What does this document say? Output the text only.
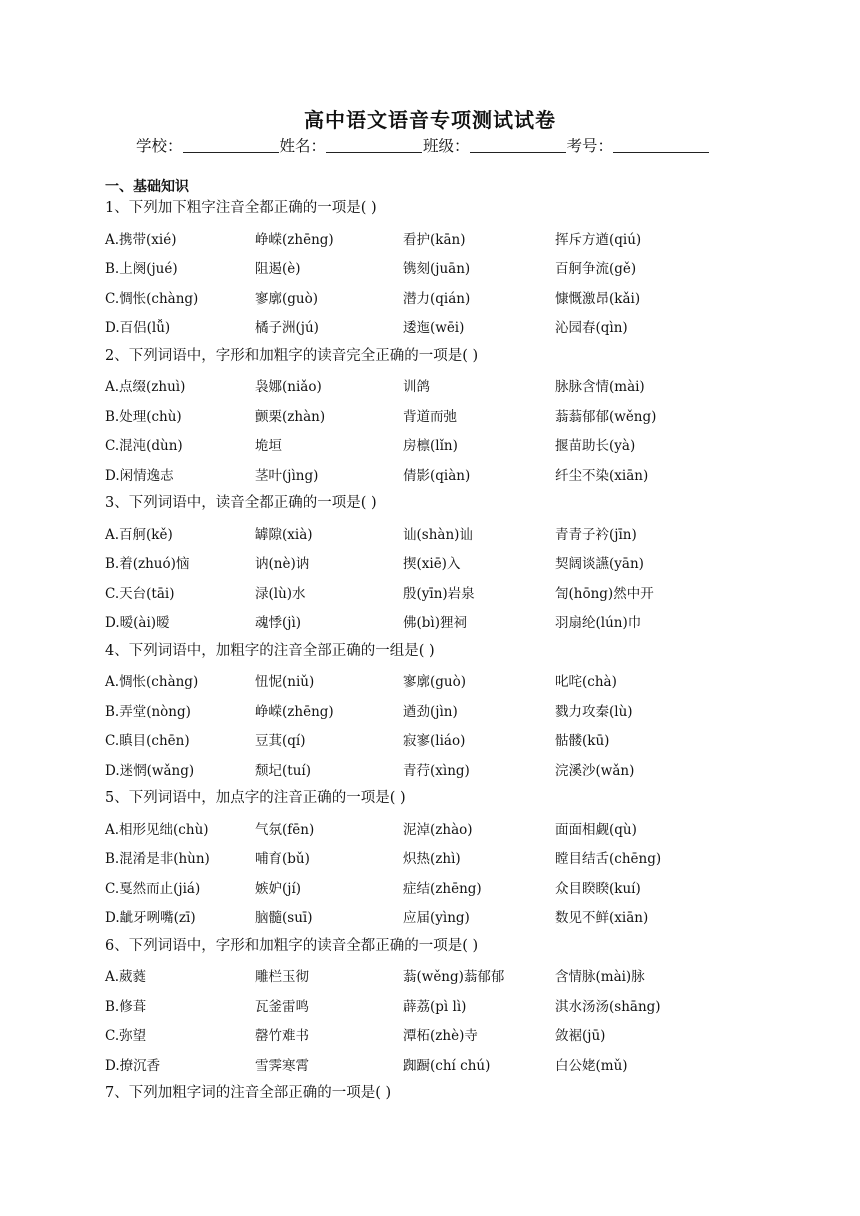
高中语文语音专项测试试卷
学校：	姓名：	班级：	考号：
一、基础知识
1、下列加下粗字注音全都正确的一项是( )
A.携带(xié)	峥嵘(zhēng)	看护(kān)	挥斥方遒(qiú)
B.上阕(jué)	阻遏(è)	镌刻(juān)	百舸争流(gě)
C.惆怅(chàng)	寥廓(guò)	潜力(qián)	慷慨激昂(kǎi)
D.百侣(lǚ)	橘子洲(jú)	逶迤(wēi)	沁园春(qìn)
2、下列词语中，字形和加粗字的读音完全正确的一项是( )
A.点缀(zhuì)	袅娜(niǎo)	训鸽	脉脉含情(mài)
B.处理(chù)	颤栗(zhàn)	背道而弛	蓊蓊郁郁(wěng)
C.混沌(dùn)	垝垣	房檩(lǐn)	揠苗助长(yà)
D.闲情逸志	茎叶(jìng)	倩影(qiàn)	纤尘不染(xiān)
3、下列词语中，读音全都正确的一项是( )
A.百舸(kě)	罅隙(xià)	讪(shàn)讪	青青子衿(jīn)
B.着(zhuó)恼	讷(nè)讷	揳(xiē)入	契阔谈讌(yān)
C.天台(tāi)	渌(lù)水	殷(yīn)岩泉	訇(hōng)然中开
D.暧(ài)暧	魂悸(jì)	佛(bì)狸祠	羽扇纶(lún)巾
4、下列词语中，加粗字的注音全部正确的一组是( )
A.惆怅(chàng)	忸怩(niǔ)	寥廓(guò)	叱咤(chà)
B.弄堂(nòng)	峥嵘(zhēng)	遒劲(jìn)	戮力攻秦(lù)
C.瞋目(chēn)	豆萁(qí)	寂寥(liáo)	骷髅(kū)
D.迷惘(wǎng)	颓圮(tuí)	青荇(xìng)	浣溪沙(wǎn)
5、下列词语中，加点字的注音正确的一项是( )
A.相形见绌(chù)	气氛(fēn)	泥淖(zhào)	面面相觑(qù)
B.混淆是非(hùn)	哺育(bǔ)	炽热(zhì)	瞠目结舌(chēng)
C.戛然而止(jiá)	嫉妒(jí)	症结(zhēng)	众目睽睽(kuí)
D.龇牙咧嘴(zī)	脑髓(suī)	应届(yìng)	数见不鲜(xiān)
6、下列词语中，字形和加粗字的读音全都正确的一项是( )
A.葳蕤	雕栏玉彻	蓊(wěng)蓊郁郁	含情脉(mài)脉
B.修葺	瓦釜雷鸣	薜荔(pì lì)	淇水汤汤(shāng)
C.弥望	罄竹难书	潭柘(zhè)寺	敛裾(jū)
D.撩沉香	雪霁寒霄	踟蹰(chí chú)	白公姥(mǔ)
7、下列加粗字词的注音全部正确的一项是( )
